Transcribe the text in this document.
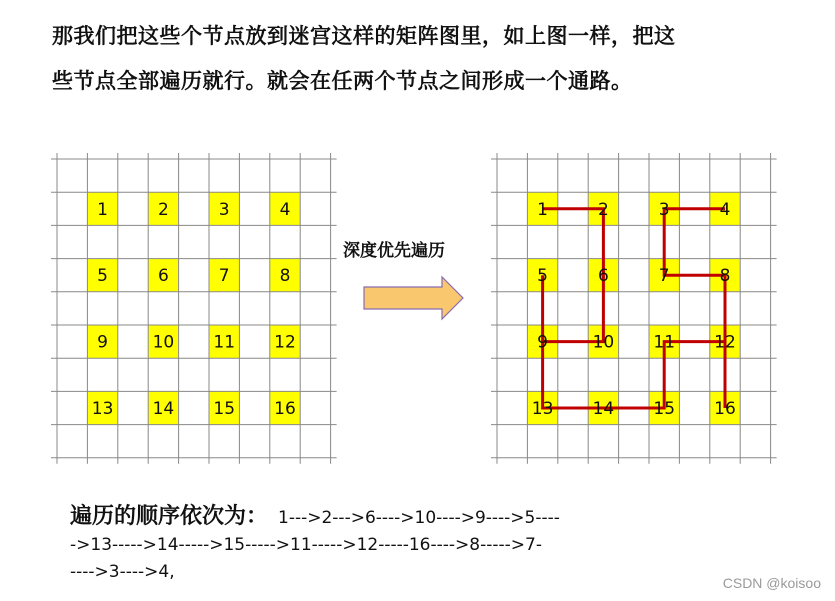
那我们把这些个节点放到迷宫这样的矩阵图里，如上图一样，把这
些节点全部遍历就行。就会在任两个节点之间形成一个通路。
1	2	3	4
5	6	7	8
9	10 11 12
13 14 15 16
1	2	3	4
5	6	7	8
9	10 11 12
13 14 15 16
深度优先遍历
遍历的顺序依次为： 1--->2--->6---->10---->9---->5----
->13----->14----->15----->11----->12-----16---->8----->7-
---->3---->4,
CSDN @koisoo
